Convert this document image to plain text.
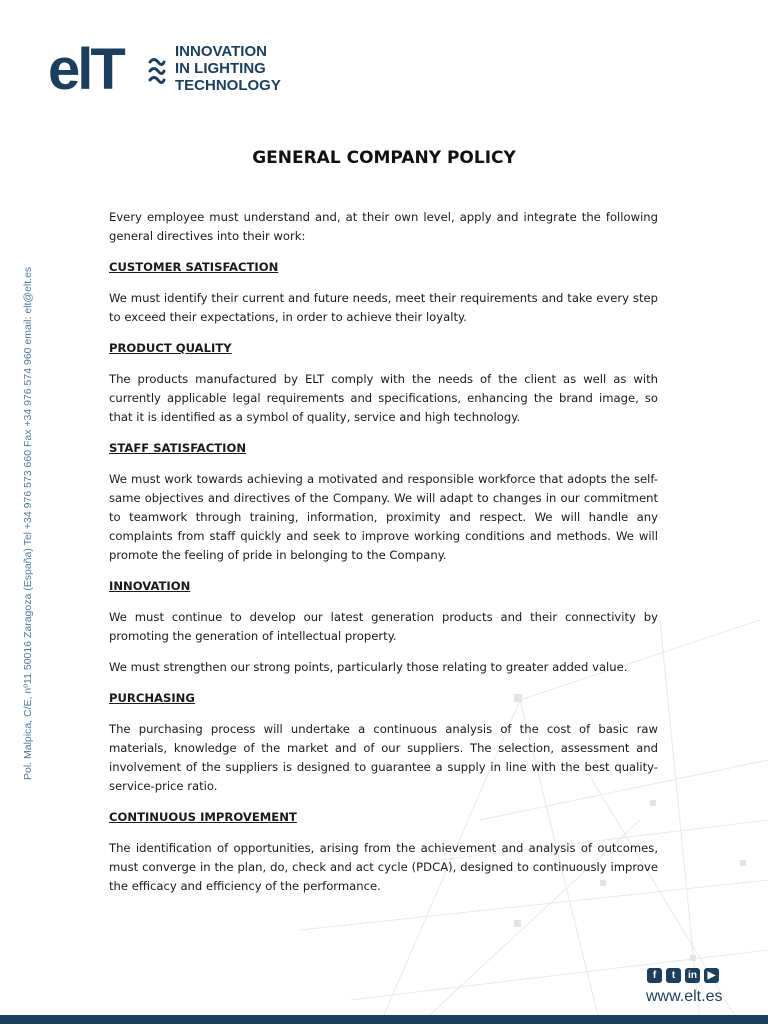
elT	INNOVATION
IN LIGHTING
TECHNOLOGY
GENERAL COMPANY POLICY

Every employee must understand and, at their own level, apply and integrate the following general directives into their work:

CUSTOMER SATISFACTION

We must identify their current and future needs, meet their requirements and take every step to exceed their expectations, in order to achieve their loyalty.

PRODUCT QUALITY

The products manufactured by ELT comply with the needs of the client as well as with currently applicable legal requirements and specifications, enhancing the brand image, so that it is identified as a symbol of quality, service and high technology.

STAFF SATISFACTION

We must work towards achieving a motivated and responsible workforce that adopts the self-same objectives and directives of the Company. We will adapt to changes in our commitment to teamwork through training, information, proximity and respect. We will handle any complaints from staff quickly and seek to improve working conditions and methods. We will promote the feeling of pride in belonging to the Company.

INNOVATION

We must continue to develop our latest generation products and their connectivity by promoting the generation of intellectual property.

We must strengthen our strong points, particularly those relating to greater added value.

PURCHASING

The purchasing process will undertake a continuous analysis of the cost of basic raw materials, knowledge of the market and of our suppliers. The selection, assessment and involvement of the suppliers is designed to guarantee a supply in line with the best quality-service-price ratio.

CONTINUOUS IMPROVEMENT

The identification of opportunities, arising from the achievement and analysis of outcomes, must converge in the plan, do, check and act cycle (PDCA), designed to continuously improve the efficacy and efficiency of the performance.

Pol. Malpica, C/E, nº11 50016 Zaragoza (España) Tel +34 976 573 660 Fax +34 976 574 960 email: elt@elt.es
f	t	in	▶
www.elt.es
